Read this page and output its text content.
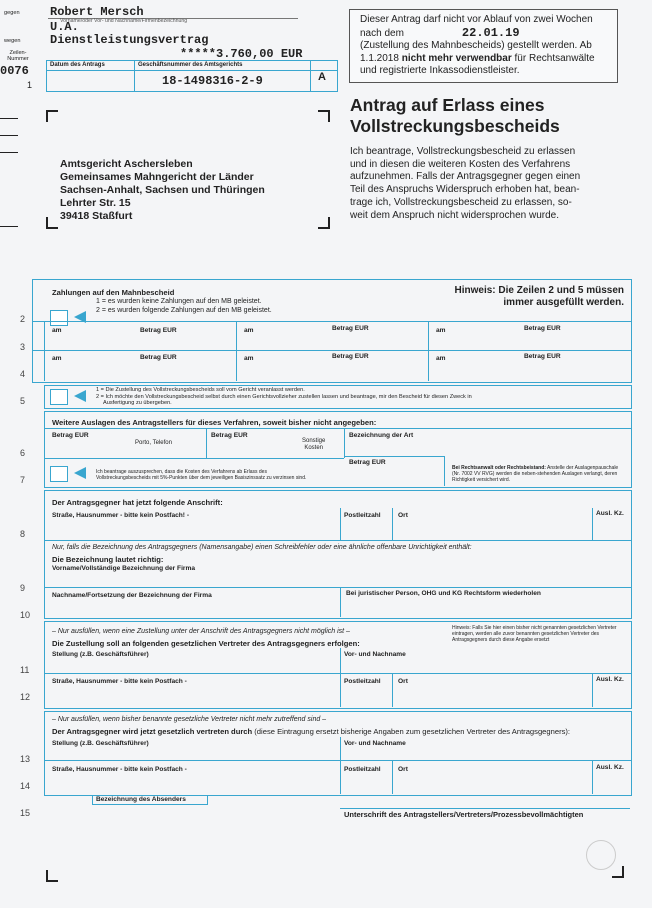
gegen
Vorname/oder Vor- und Nachname/Firmenbezeichnung
Robert Mersch
U.A.
wegen Dienstleistungsvertrag
Zeilen-
Nummer	*****3.760,00 EUR
0076
1
Datum des Antrags	Geschäftsnummer des Amtsgerichts
18-1498316-2-9	A
Dieser Antrag darf nicht vor Ablauf von zwei Wochen
nach dem	22.01.19
(Zustellung des Mahnbescheids) gestellt werden. Ab
1.1.2018 nicht mehr verwendbar für Rechtsanwälte
und registrierte Inkassodienstleister.
Antrag auf Erlass eines
Vollstreckungsbescheids
Ich beantrage, Vollstreckungsbescheid zu erlassen
und in diesen die weiteren Kosten des Verfahrens
aufzunehmen. Falls der Antragsgegner gegen einen
Teil des Anspruchs Widerspruch erhoben hat, bean-
trage ich, Vollstreckungsbescheid zu erlassen, so-
weit dem Anspruch nicht widersprochen wurde.
Amtsgericht Aschersleben
Gemeinsames Mahngericht der Länder
Sachsen-Anhalt, Sachsen und Thüringen
Lehrter Str. 15
39418 Staßfurt
Zahlungen auf den Mahnbescheid
1 = es wurden keine Zahlungen auf den MB geleistet.
2 = es wurden folgende Zahlungen auf den MB geleistet.
Hinweis: Die Zeilen 2 und 5 müssen
immer ausgefüllt werden.
am	Betrag EUR	am	Betrag EUR	am	Betrag EUR
am	Betrag EUR	am	Betrag EUR	am	Betrag EUR
1 = Die Zustellung des Vollstreckungsbescheids soll vom Gericht veranlasst werden.
2 = Ich möchte den Vollstreckungsbescheid selbst durch einen Gerichtsvollzieher zustellen lassen und beantrage, mir den Bescheid für diesen Zweck in
Ausfertigung zu übergeben.
Weitere Auslagen des Antragstellers für dieses Verfahren, soweit bisher nicht angegeben:
Betrag EUR
Porto, Telefon
Betrag EUR
Sonstige
Kosten
Bezeichnung der Art
Betrag EUR
Ich beantrage auszusprechen, dass die Kosten des Verfahrens ab Erlass des Vollstreckungsbescheids mit 5%-Punkten über dem jeweiligen Basiszinssatz zu verzinsen sind.
Bei Rechtsanwalt oder Rechtsbeistand: Anstelle der Auslagenpauschale (Nr. 7002 VV RVG) werden die neben-stehenden Auslagen verlangt, deren Richtigkeit versichert wird.
Der Antragsgegner hat jetzt folgende Anschrift:
Straße, Hausnummer - bitte kein Postfach! -	Postleitzahl	Ort	Ausl. Kz.
Nur, falls die Bezeichnung des Antragsgegners (Namensangabe) einen Schreibfehler oder eine ähnliche offenbare Unrichtigkeit enthält:
Die Bezeichnung lautet richtig:
Vorname/Vollständige Bezeichnung der Firma
Nachname/Fortsetzung der Bezeichnung der Firma	Bei juristischer Person, OHG und KG Rechtsform wiederholen
– Nur ausfüllen, wenn eine Zustellung unter der Anschrift des Antragsgegners nicht möglich ist –
Die Zustellung soll an folgenden gesetzlichen Vertreter des Antragsgegners erfolgen:
Hinweis: Falls Sie hier einen bisher nicht genannten gesetzlichen Vertreter eintragen, werden alle zuvor benannten gesetzlichen Vertreter des Antragsgegners durch diese Angabe ersetzt
Stellung (z.B. Geschäftsführer)	Vor- und Nachname
Straße, Hausnummer - bitte kein Postfach -	Postleitzahl	Ort	Ausl. Kz.
– Nur ausfüllen, wenn bisher benannte gesetzliche Vertreter nicht mehr zutreffend sind –
Der Antragsgegner wird jetzt gesetzlich vertreten durch (diese Eintragung ersetzt bisherige Angaben zum gesetzlichen Vertreter des Antragsgegners):
Stellung (z.B. Geschäftsführer)	Vor- und Nachname
Straße, Hausnummer - bitte kein Postfach -	Postleitzahl	Ort	Ausl. Kz.
Bezeichnung des Absenders
Unterschrift des Antragstellers/Vertreters/Prozessbevollmächtigten
2
3
4
5
6
7
8
9
10
11
12
13
14
15
